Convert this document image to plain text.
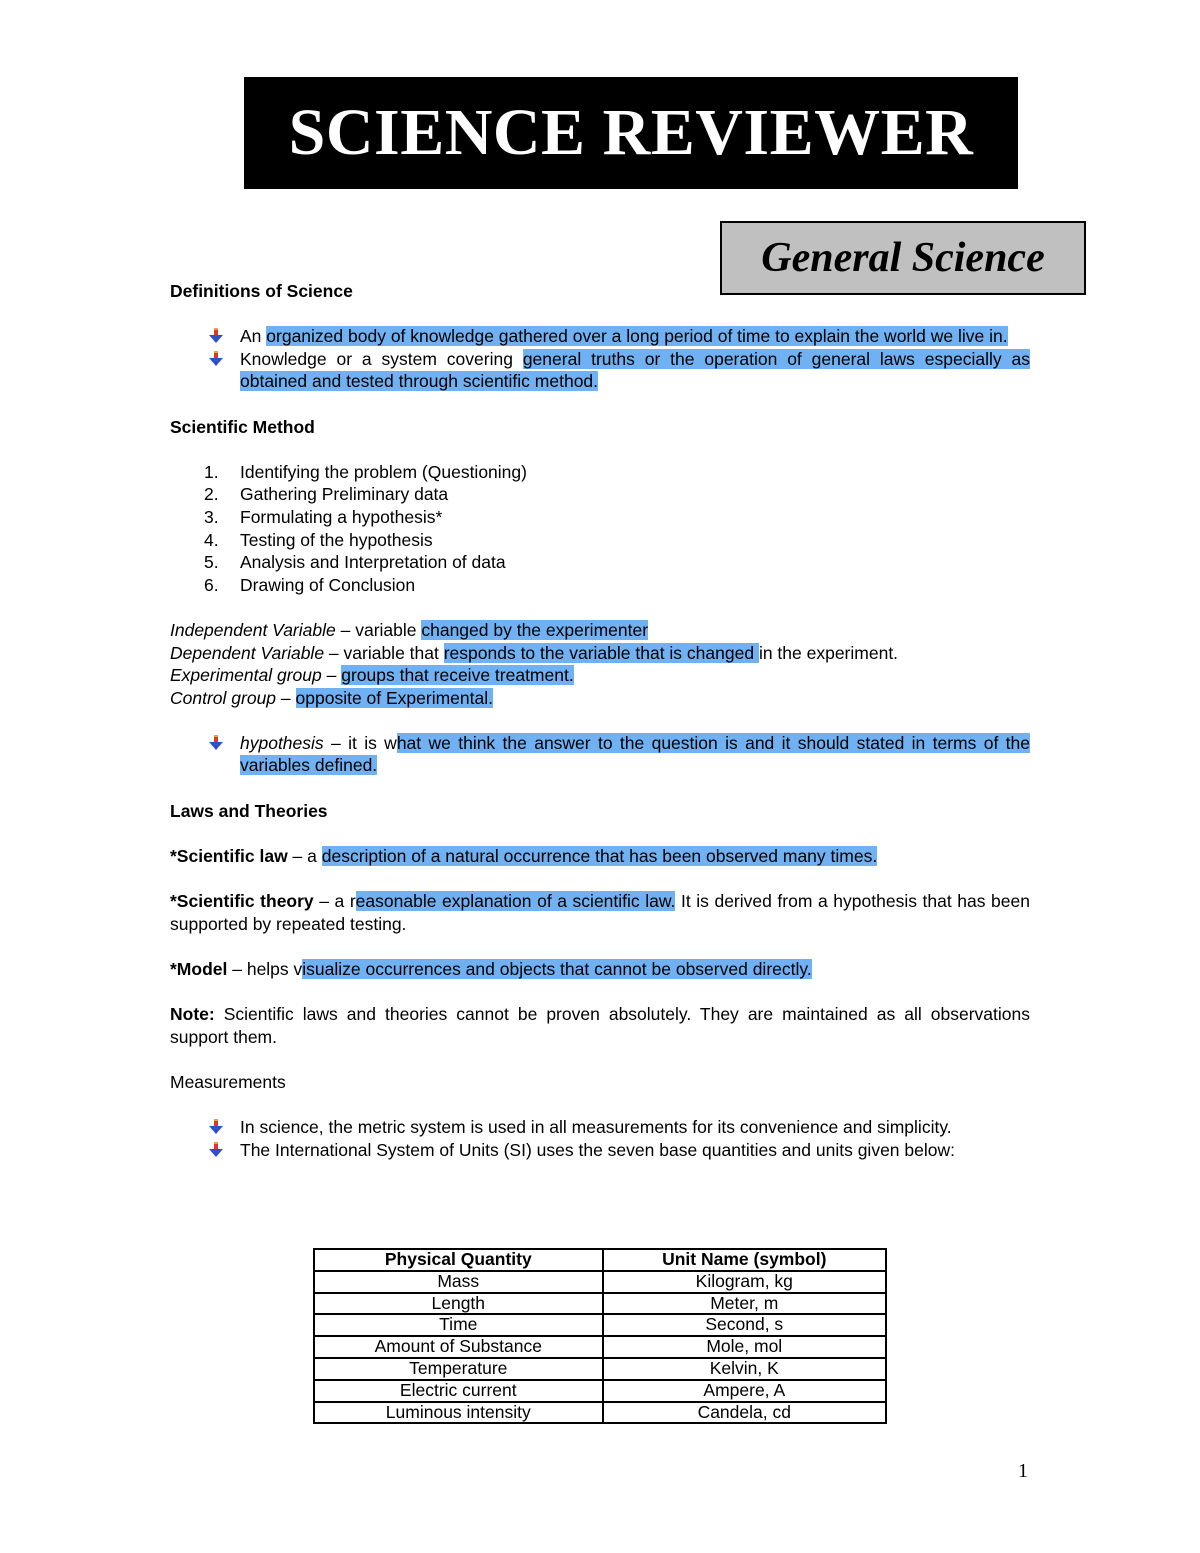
SCIENCE REVIEWER
General Science

Definitions of Science

An organized body of knowledge gathered over a long period of time to explain the world we live in.
Knowledge or a system covering general truths or the operation of general laws especially as obtained and tested through scientific method.

Scientific Method

1. Identifying the problem (Questioning)
2. Gathering Preliminary data
3. Formulating a hypothesis*
4. Testing of the hypothesis
5. Analysis and Interpretation of data
6. Drawing of Conclusion

Independent Variable – variable changed by the experimenter

Dependent Variable – variable that responds to the variable that is changed in the experiment.

Experimental group – groups that receive treatment.

Control group – opposite of Experimental.

hypothesis – it is what we think the answer to the question is and it should stated in terms of the variables defined.

Laws and Theories

*Scientific law – a description of a natural occurrence that has been observed many times.

*Scientific theory – a reasonable explanation of a scientific law. It is derived from a hypothesis that has been supported by repeated testing.

*Model – helps visualize occurrences and objects that cannot be observed directly.

Note: Scientific laws and theories cannot be proven absolutely. They are maintained as all observations support them.

Measurements

In science, the metric system is used in all measurements for its convenience and simplicity.
The International System of Units (SI) uses the seven base quantities and units given below:
Physical Quantity	Unit Name (symbol)
Mass	Kilogram, kg
Length	Meter, m
Time	Second, s
Amount of Substance	Mole, mol
Temperature	Kelvin, K
Electric current	Ampere, A
Luminous intensity	Candela, cd
1
